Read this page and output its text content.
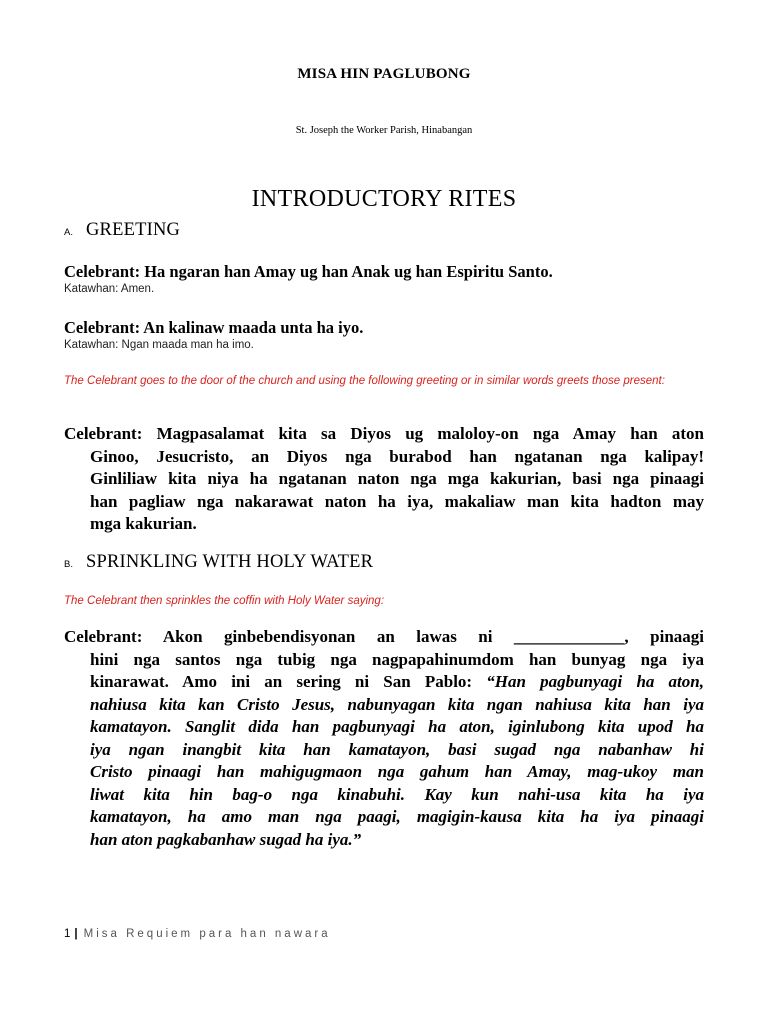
MISA HIN PAGLUBONG
St. Joseph the Worker Parish, Hinabangan
INTRODUCTORY RITES
A. GREETING
Celebrant: Ha ngaran han Amay ug han Anak ug han Espiritu Santo.
Katawhan: Amen.
Celebrant: An kalinaw maada unta ha iyo.
Katawhan: Ngan maada man ha imo.
The Celebrant goes to the door of the church and using the following greeting or in similar words greets those present:
Celebrant: Magpasalamat kita sa Diyos ug maloloy-on nga Amay han aton
Ginoo, Jesucristo, an Diyos nga burabod han ngatanan nga kalipay!
Ginliliaw kita niya ha ngatanan naton nga mga kakurian, basi nga pinaagi
han pagliaw nga nakarawat naton ha iya, makaliaw man kita hadton may
mga kakurian.
B. SPRINKLING WITH HOLY WATER
The Celebrant then sprinkles the coffin with Holy Water saying:
Celebrant: Akon ginbebendisyonan an lawas ni _____________, pinaagi
hini nga santos nga tubig nga nagpapahinumdom han bunyag nga iya
kinarawat. Amo ini an sering ni San Pablo: “Han pagbunyagi ha aton,
nahiusa kita kan Cristo Jesus, nabunyagan kita ngan nahiusa kita han iya
kamatayon. Sanglit dida han pagbunyagi ha aton, iginlubong kita upod ha
iya ngan inangbit kita han kamatayon, basi sugad nga nabanhaw hi
Cristo pinaagi han mahigugmaon nga gahum han Amay, mag-ukoy man
liwat kita hin bag-o nga kinabuhi. Kay kun nahi-usa kita ha iya
kamatayon, ha amo man nga paagi, magigin-kausa kita ha iya pinaagi
han aton pagkabanhaw sugad ha iya.”
1 | Misa Requiem para han nawara
